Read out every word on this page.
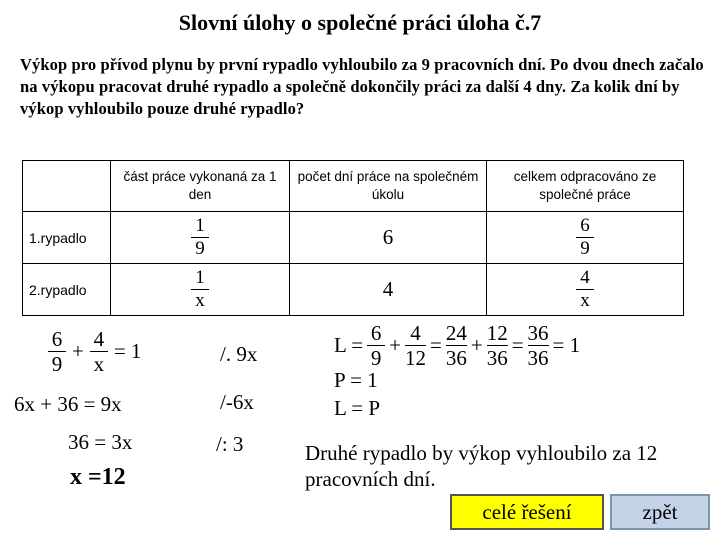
Slovní úlohy o společné práci úloha č.7
Výkop pro přívod plynu by první rypadlo vyhloubilo za 9 pracovních dní. Po dvou dnech začalo na výkopu pracovat druhé rypadlo a společně dokončily práci za další 4 dny. Za kolik dní by výkop vyhloubilo pouze druhé rypadlo?
	část práce vykonaná za 1 den	počet dní práce na společném úkolu	celkem odpracováno ze společné práce
1.rypadlo	$\frac{1}{9}$	6	$\frac{6}{9}$

2.rypadlo	$\frac{1}{x}$	4	$\frac{4}{x}$
$\frac{6}{9} + \frac{4}{x} = 1$
6x + 36 = 9x
36 = 3x
x =12
/. 9x
/-6x
/: 3
$L = \frac{6}{9} + \frac{4}{12} = \frac{24}{36} + \frac{12}{36} = \frac{36}{36} = 1$
P = 1
L = P
Druhé rypadlo by výkop vyhloubilo za 12 pracovních dní.
celé řešení	zpět
